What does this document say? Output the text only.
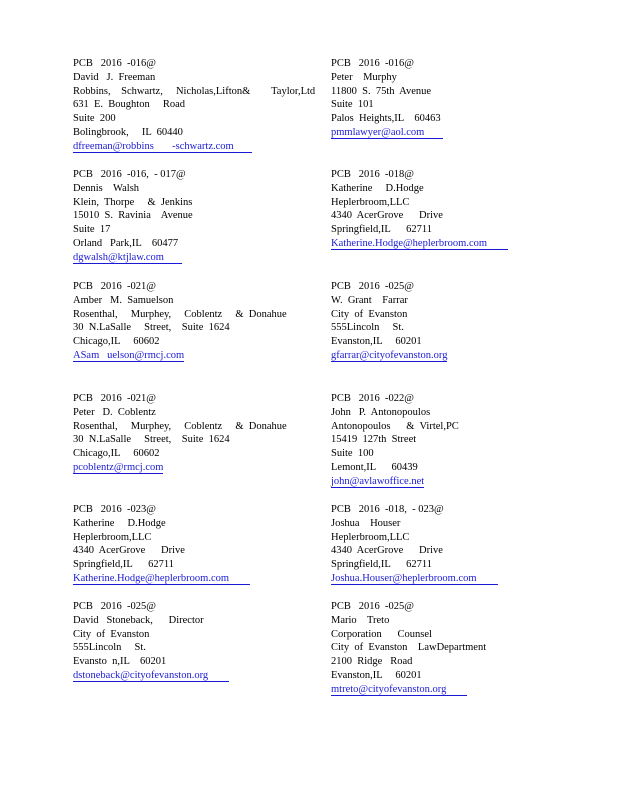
PCB   2016  -016@
David   J.  Freeman
Robbins,    Schwartz,     Nicholas,Lifton&        Taylor,Ltd
631  E.  Boughton     Road
Suite  200
Bolingbrook,     IL  60440
dfreeman@robbins       -schwartz.com
PCB   2016  -016@
Peter    Murphy
11800  S.  75th  Avenue
Suite  101
Palos  Heights,IL    60463
pmmlawyer@aol.com
PCB   2016  -016,  - 017@
Dennis    Walsh
Klein,  Thorpe     &  Jenkins
15010  S.  Ravinia    Avenue
Suite  17
Orland   Park,IL    60477
dgwalsh@ktjlaw.com
PCB   2016  -018@
Katherine     D.Hodge
Heplerbroom,LLC
4340  AcerGrove      Drive
Springfield,IL      62711
Katherine.Hodge@heplerbroom.com
PCB   2016  -021@
Amber   M.  Samuelson
Rosenthal,     Murphey,     Coblentz     &  Donahue
30  N.LaSalle     Street,    Suite  1624
Chicago,IL     60602
ASam   uelson@rmcj.com
PCB   2016  -025@
W.  Grant    Farrar
City  of  Evanston
555Lincoln     St.
Evanston,IL     60201
gfarrar@cityofevanston.org
PCB   2016  -021@
Peter   D.  Coblentz
Rosenthal,     Murphey,     Coblentz     &  Donahue
30  N.LaSalle     Street,    Suite  1624
Chicago,IL     60602
pcoblentz@rmcj.com
PCB   2016  -022@
John   P.  Antonopoulos
Antonopoulos      &  Virtel,PC
15419  127th  Street
Suite  100
Lemont,IL      60439
john@avlawoffice.net
PCB   2016  -023@
Katherine     D.Hodge
Heplerbroom,LLC
4340  AcerGrove      Drive
Springfield,IL      62711
Katherine.Hodge@heplerbroom.com
PCB   2016  -018,  - 023@
Joshua    Houser
Heplerbroom,LLC
4340  AcerGrove      Drive
Springfield,IL      62711
Joshua.Houser@heplerbroom.com
PCB   2016  -025@
David   Stoneback,      Director
City  of  Evanston
555Lincoln     St.
Evansto  n,IL    60201
dstoneback@cityofevanston.org
PCB   2016  -025@
Mario    Treto
Corporation      Counsel
City  of  Evanston    LawDepartment
2100  Ridge   Road
Evanston,IL     60201
mtreto@cityofevanston.org
